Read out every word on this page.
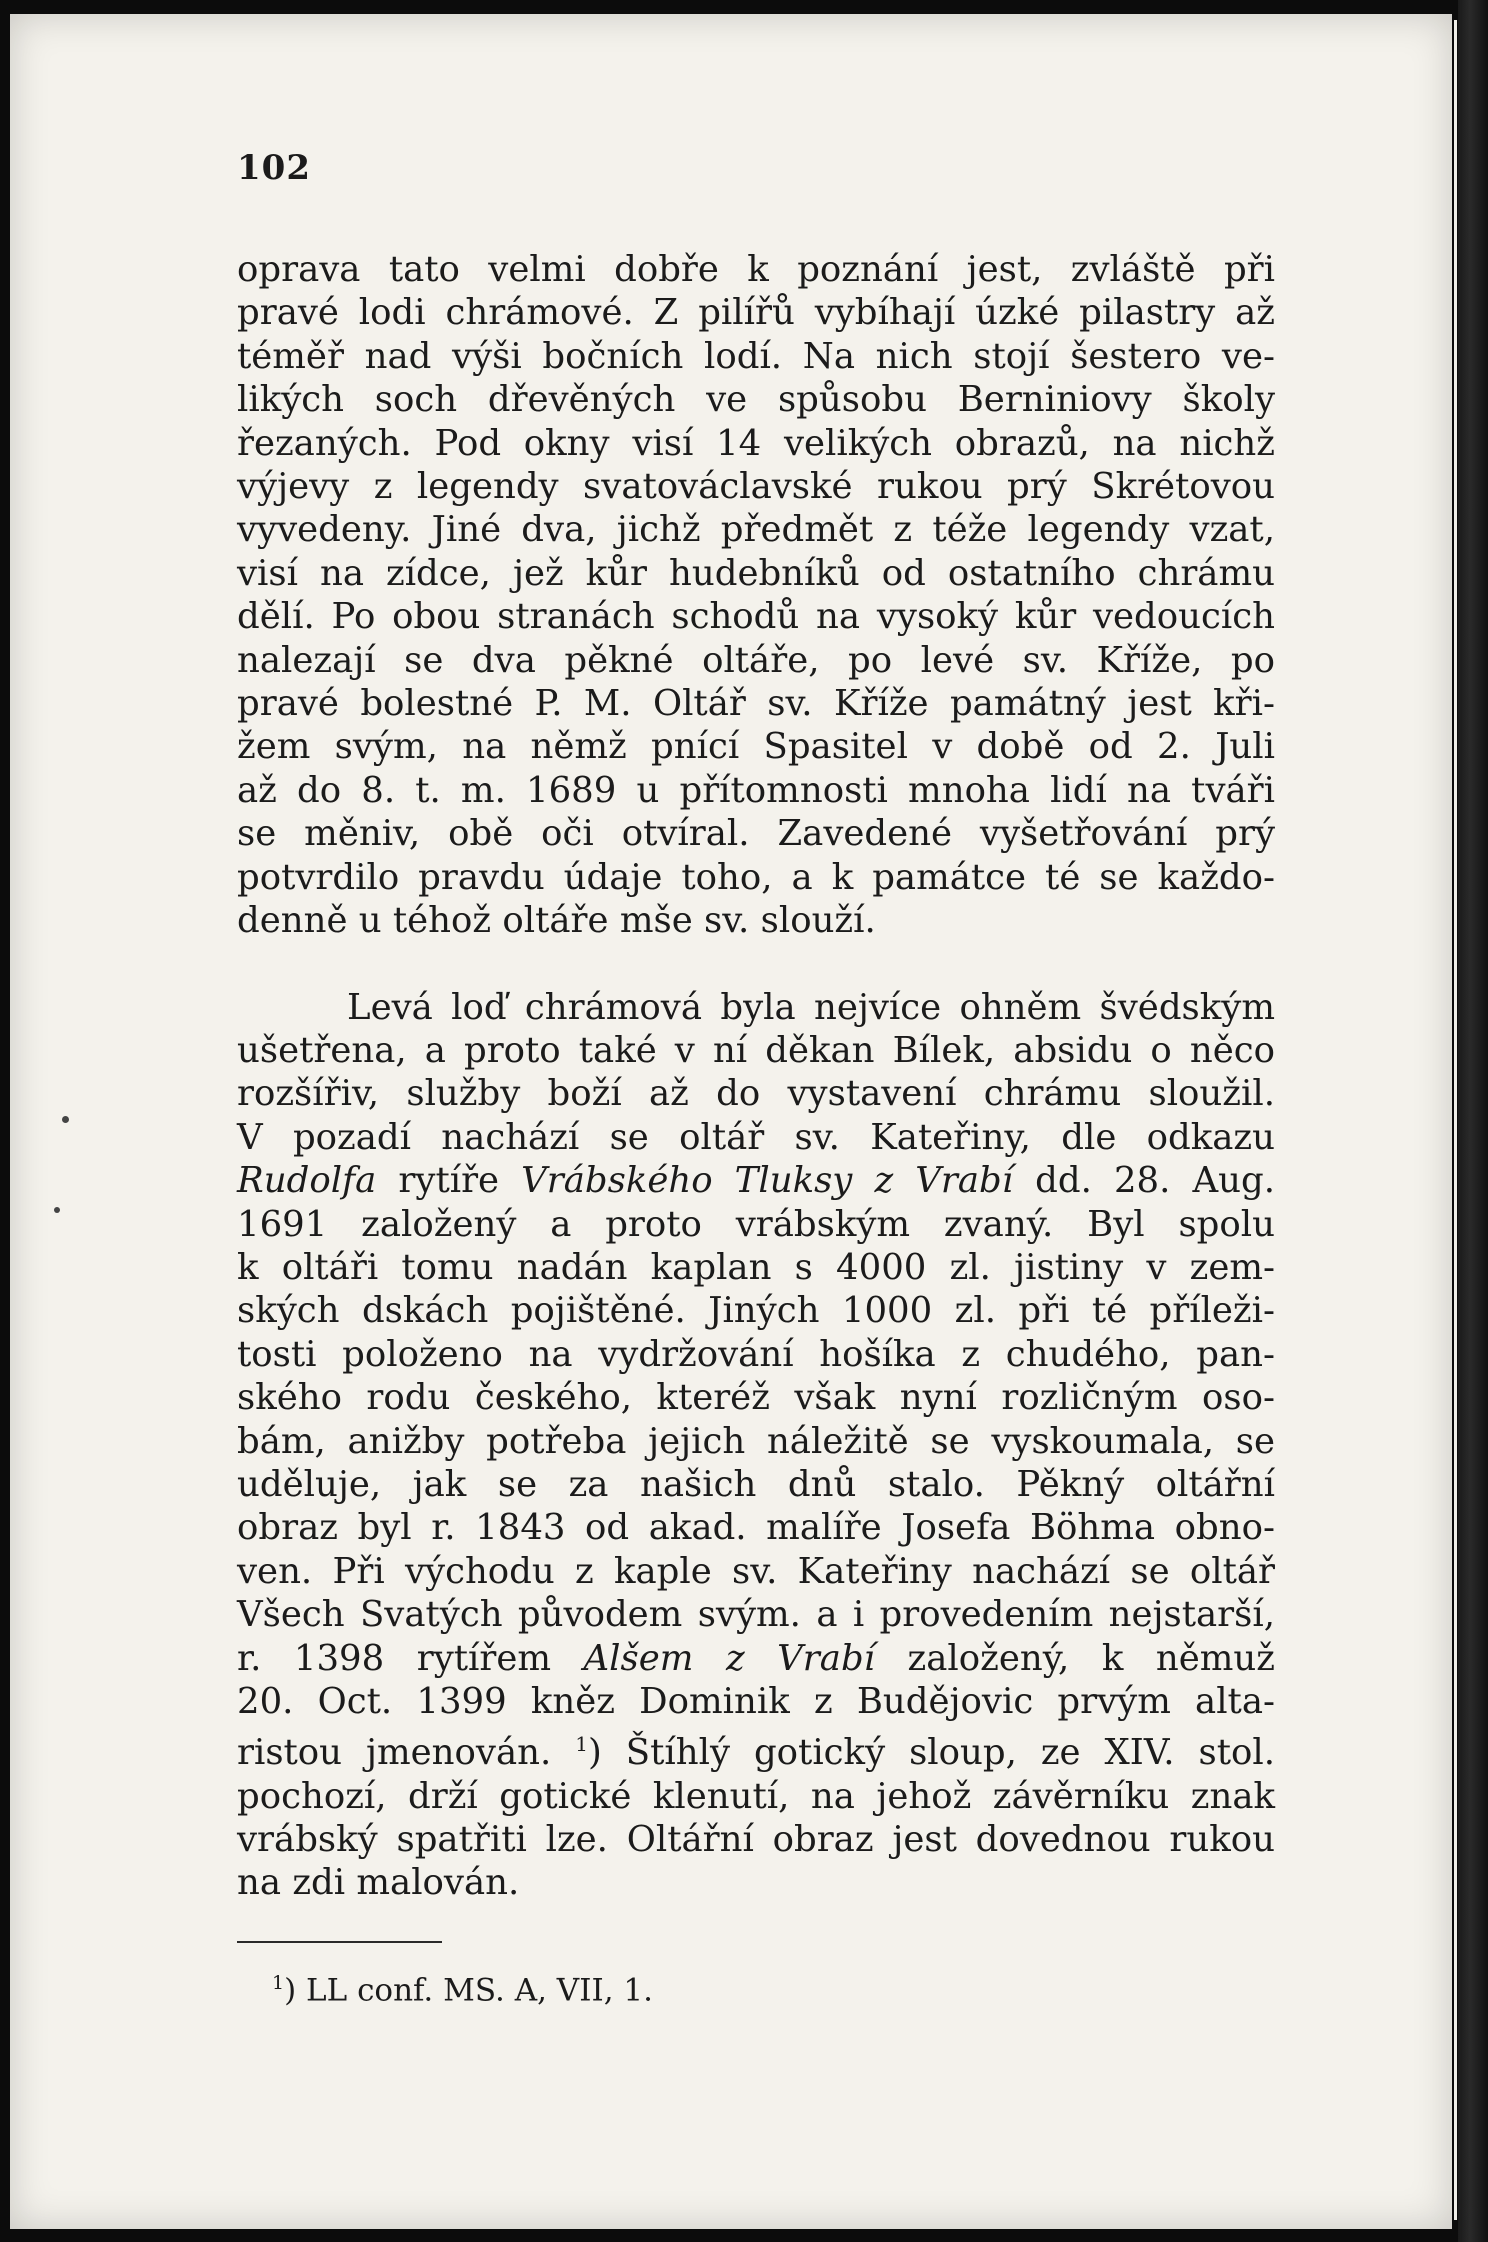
102
oprava tato velmi dobře k poznání jest, zvláště při
pravé lodi chrámové. Z pilířů vybíhají úzké pilastry až
téměř nad výši bočních lodí. Na nich stojí šestero ve-
likých soch dřevěných ve spůsobu Berniniovy školy
řezaných. Pod okny visí 14 velikých obrazů, na nichž
výjevy z legendy svatováclavské rukou prý Skrétovou
vyvedeny. Jiné dva, jichž předmět z téže legendy vzat,
visí na zídce, jež kůr hudebníků od ostatního chrámu
dělí. Po obou stranách schodů na vysoký kůr vedoucích
nalezají se dva pěkné oltáře, po levé sv. Kříže, po
pravé bolestné P. M. Oltář sv. Kříže památný jest kři-
žem svým, na němž pnící Spasitel v době od 2. Juli
až do 8. t. m. 1689 u přítomnosti mnoha lidí na tváři
se měniv, obě oči otvíral. Zavedené vyšetřování prý
potvrdilo pravdu údaje toho, a k památce té se každo-
denně u téhož oltáře mše sv. slouží.
Levá loď chrámová byla nejvíce ohněm švédským
ušetřena, a proto také v ní děkan Bílek, absidu o něco
rozšířiv, služby boží až do vystavení chrámu sloužil.
V pozadí nachází se oltář sv. Kateřiny, dle odkazu
Rudolfa rytíře Vrábského Tluksy z Vrabí dd. 28. Aug.
1691 založený a proto vrábským zvaný. Byl spolu
k oltáři tomu nadán kaplan s 4000 zl. jistiny v zem-
ských dskách pojištěné. Jiných 1000 zl. při té příleži-
tosti položeno na vydržování hošíka z chudého, pan-
ského rodu českého, kteréž však nyní rozličným oso-
bám, anižby potřeba jejich náležitě se vyskoumala, se
uděluje, jak se za našich dnů stalo. Pěkný oltářní
obraz byl r. 1843 od akad. malíře Josefa Böhma obno-
ven. Při východu z kaple sv. Kateřiny nachází se oltář
Všech Svatých původem svým. a i provedením nejstarší,
r. 1398 rytířem Alšem z Vrabí založený, k němuž
20. Oct. 1399 kněz Dominik z Budějovic prvým alta-
ristou jmenován. $^1$) Štíhlý gotický sloup, ze XIV. stol.
pochozí, drží gotické klenutí, na jehož závěrníku znak
vrábský spatřiti lze. Oltářní obraz jest dovednou rukou
na zdi malován.
$^1$) LL conf. MS. A, VII, 1.
